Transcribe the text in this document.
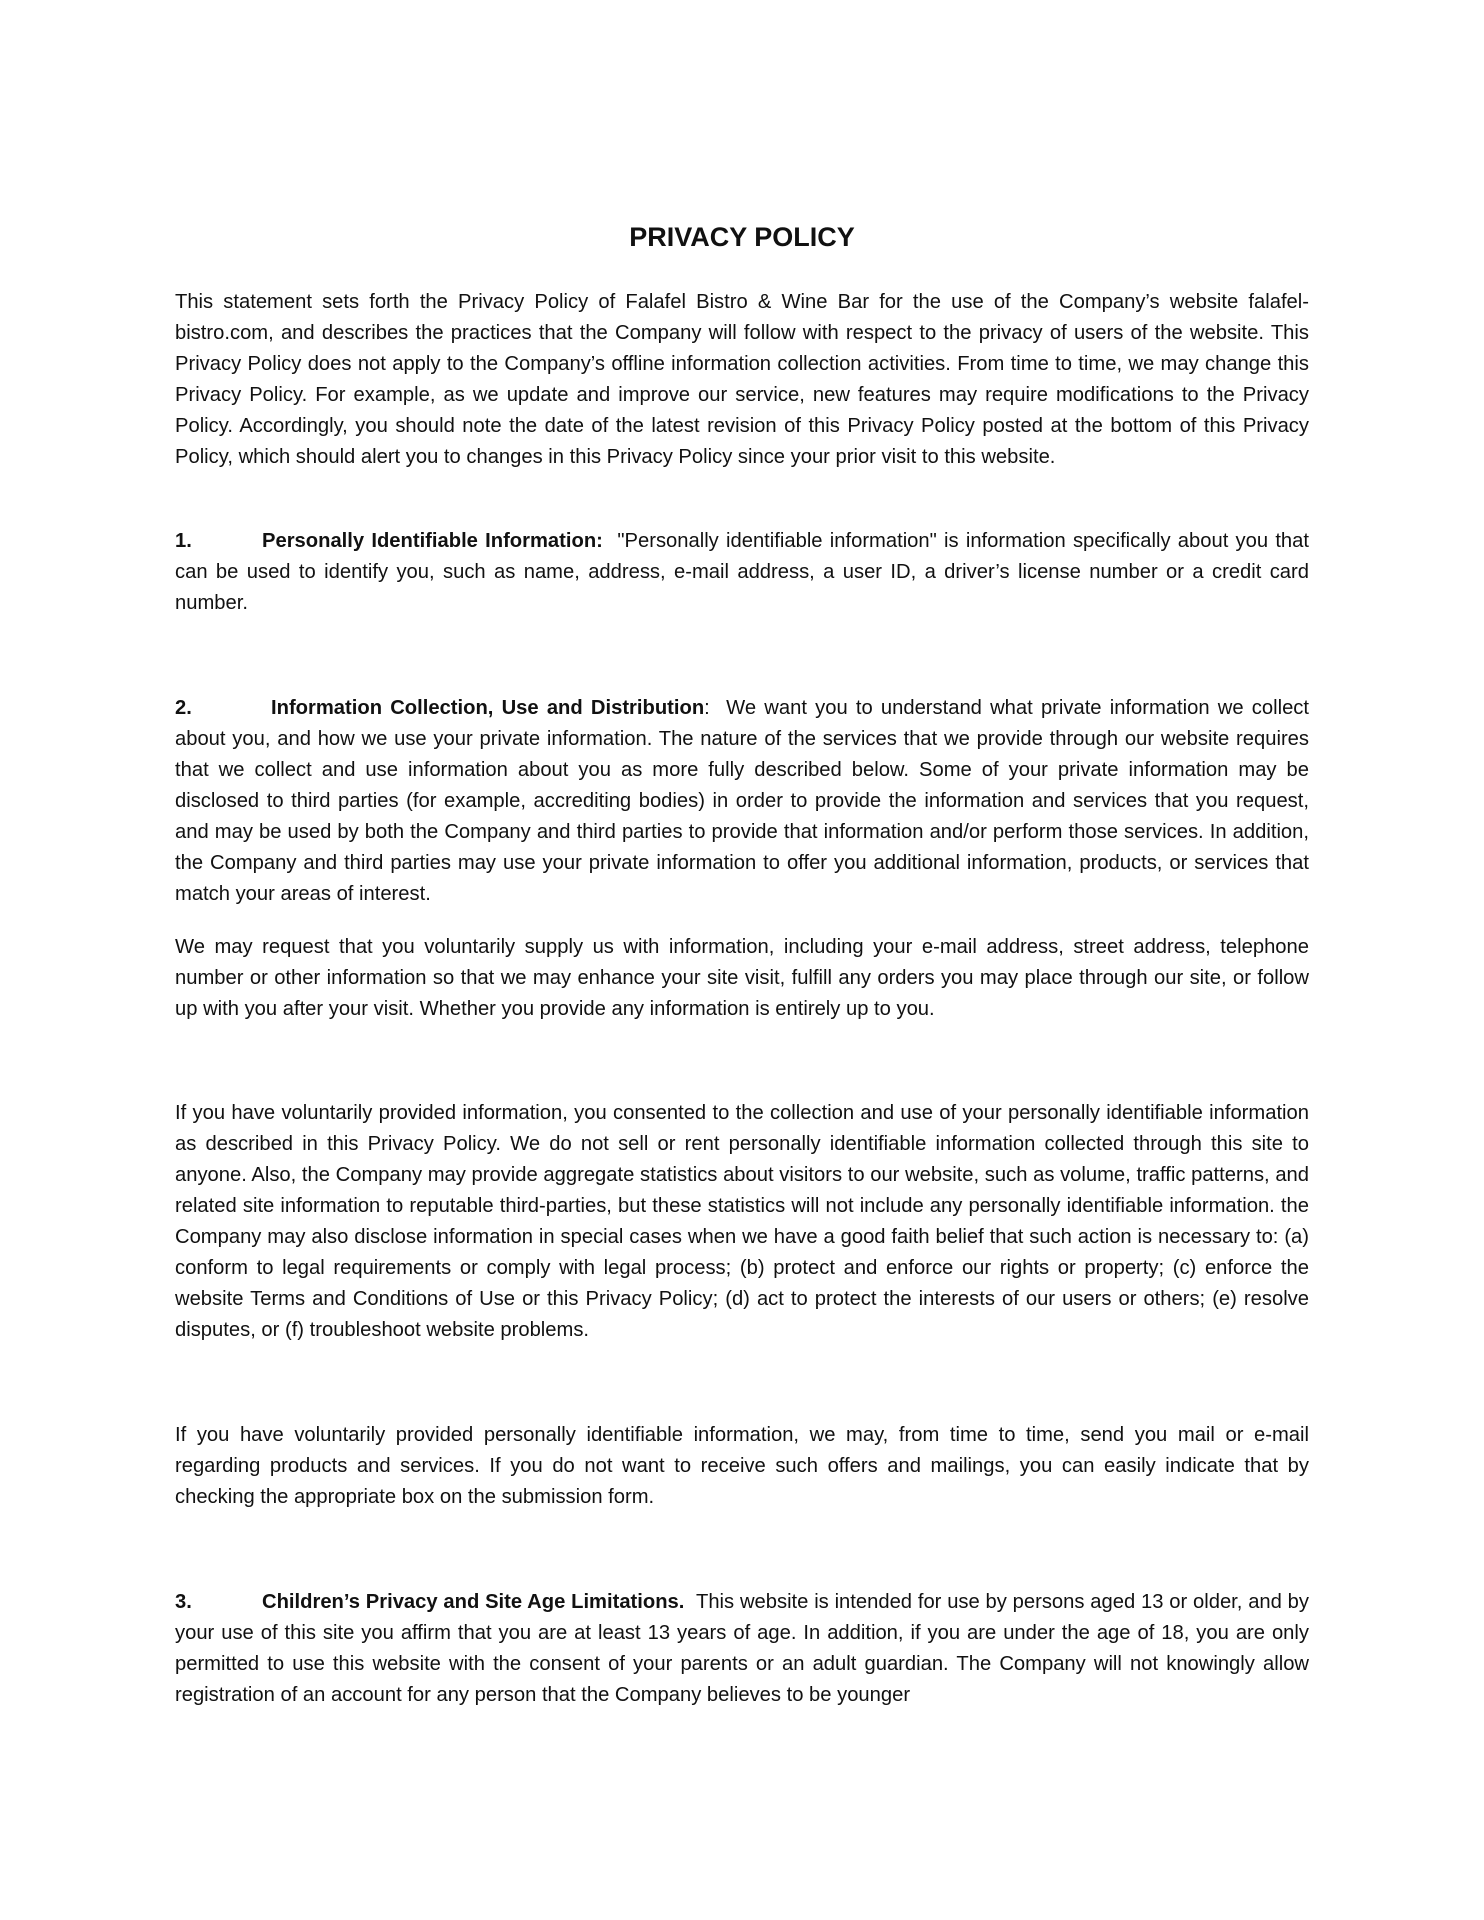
PRIVACY POLICY

This statement sets forth the Privacy Policy of Falafel Bistro & Wine Bar for the use of the Company’s website falafel-bistro.com, and describes the practices that the Company will follow with respect to the privacy of users of the website. This Privacy Policy does not apply to the Company’s offline information collection activities. From time to time, we may change this Privacy Policy. For example, as we update and improve our service, new features may require modifications to the Privacy Policy. Accordingly, you should note the date of the latest revision of this Privacy Policy posted at the bottom of this Privacy Policy, which should alert you to changes in this Privacy Policy since your prior visit to this website.

1.	Personally Identifiable Information: "Personally identifiable information" is information specifically about you that can be used to identify you, such as name, address, e-mail address, a user ID, a driver’s license number or a credit card number.

2.	Information Collection, Use and Distribution: We want you to understand what private information we collect about you, and how we use your private information. The nature of the services that we provide through our website requires that we collect and use information about you as more fully described below. Some of your private information may be disclosed to third parties (for example, accrediting bodies) in order to provide the information and services that you request, and may be used by both the Company and third parties to provide that information and/or perform those services. In addition, the Company and third parties may use your private information to offer you additional information, products, or services that match your areas of interest.

We may request that you voluntarily supply us with information, including your e-mail address, street address, telephone number or other information so that we may enhance your site visit, fulfill any orders you may place through our site, or follow up with you after your visit. Whether you provide any information is entirely up to you.

If you have voluntarily provided information, you consented to the collection and use of your personally identifiable information as described in this Privacy Policy. We do not sell or rent personally identifiable information collected through this site to anyone. Also, the Company may provide aggregate statistics about visitors to our website, such as volume, traffic patterns, and related site information to reputable third-parties, but these statistics will not include any personally identifiable information. the Company may also disclose information in special cases when we have a good faith belief that such action is necessary to: (a) conform to legal requirements or comply with legal process; (b) protect and enforce our rights or property; (c) enforce the website Terms and Conditions of Use or this Privacy Policy; (d) act to protect the interests of our users or others; (e) resolve disputes, or (f) troubleshoot website problems.

If you have voluntarily provided personally identifiable information, we may, from time to time, send you mail or e-mail regarding products and services. If you do not want to receive such offers and mailings, you can easily indicate that by checking the appropriate box on the submission form.

3.	Children’s Privacy and Site Age Limitations. This website is intended for use by persons aged 13 or older, and by your use of this site you affirm that you are at least 13 years of age. In addition, if you are under the age of 18, you are only permitted to use this website with the consent of your parents or an adult guardian. The Company will not knowingly allow registration of an account for any person that the Company believes to be younger
